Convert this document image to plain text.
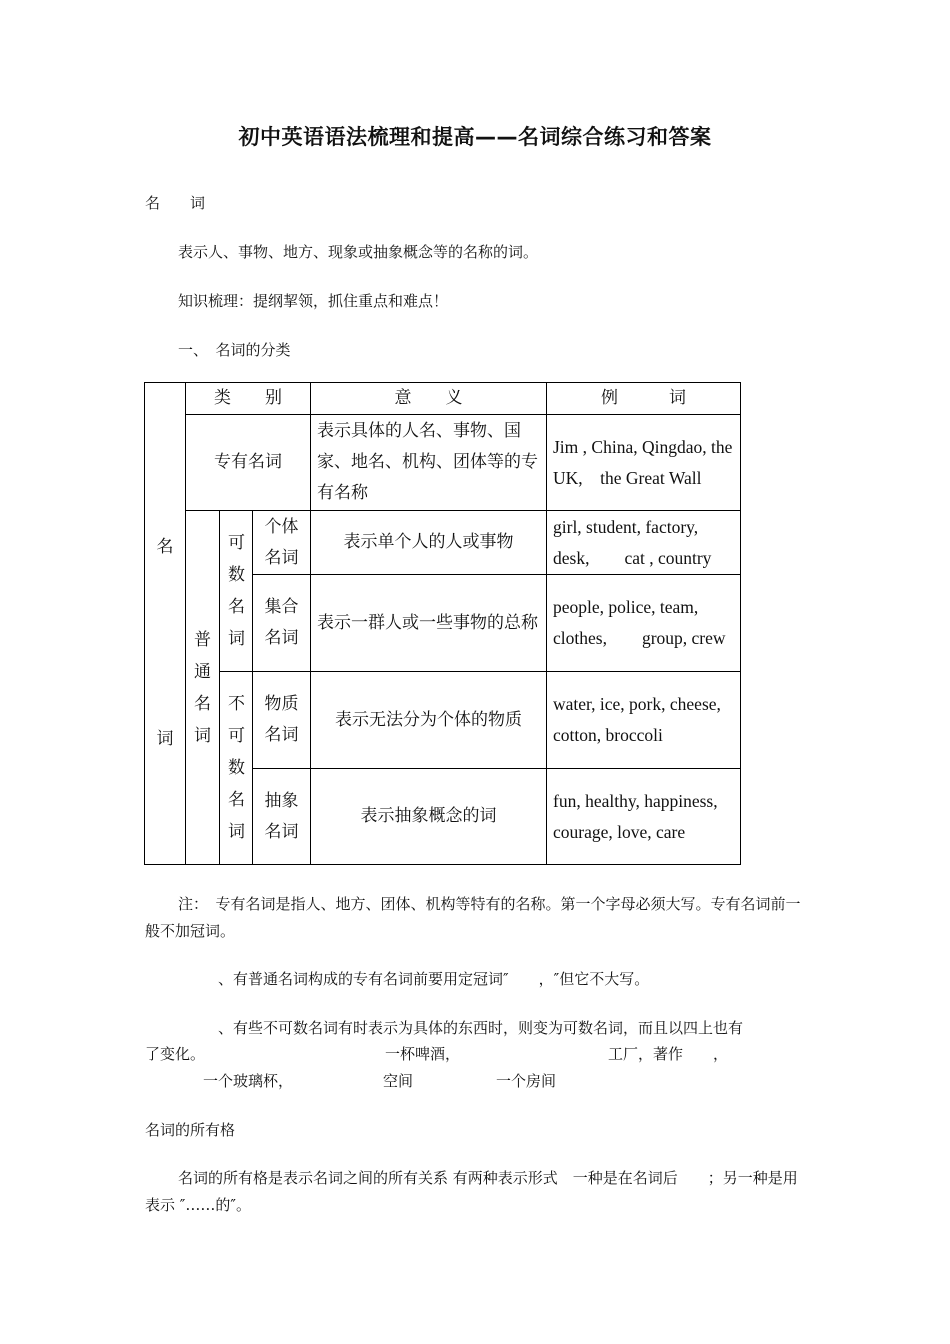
初中英语语法梳理和提高——名词综合练习和答案
名　　词
表示人、事物、地方、现象或抽象概念等的名称的词。
知识梳理：提纲挈领，抓住重点和难点！
一、　名词的分类
名
词	类　　别			意　　义	例　　　词
	专有名词			表示具体的人名、事物、国家、地名、机构、团体等的专有名称	Jim , China, Qingdao, the UK,　the Great Wall
	普通名词	可数名词	个体名词	表示单个人的人或事物	girl, student, factory, desk,　　cat , country
			集合名词	表示一群人或一些事物的总称	people, police, team, clothes,　　group, crew
		不可数名词	物质名词	表示无法分为个体的物质	water, ice, pork, cheese,　　cotton, broccoli
			抽象名词	表示抽象概念的词	fun, healthy, happiness, courage, love, care
注：　专有名词是指人、地方、团体、机构等特有的名称。第一个字母必须大写。专有名词前一般不加冠词。
、有普通名词构成的专有名词前要用定冠词″　　，″但它不大写。
、有些不可数名词有时表示为具体的东西时，则变为可数名词，而且以四上也有
了变化。	一杯啤酒，	工厂，著作　　，
一个玻璃杯，	空间	一个房间
名词的所有格
名词的所有格是表示名词之间的所有关系 有两种表示形式　一种是在名词后　　；另一种是用　　表示 ″……的″。
